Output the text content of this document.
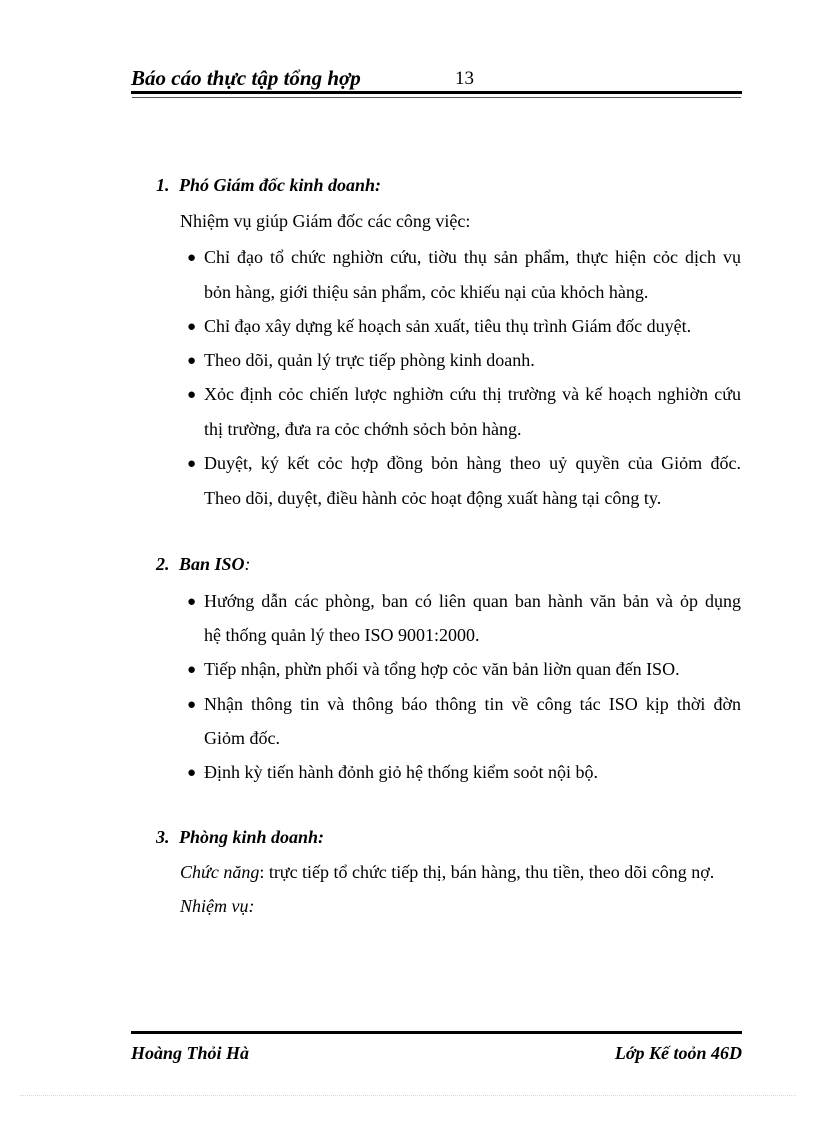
Báo cáo thực tập tổng hợp	13
1. Phó Giám đốc kinh doanh:
Nhiệm vụ giúp Giám đốc các công việc:
● Chỉ đạo tổ chức nghiờn cứu, tiờu thụ sản phẩm, thực hiện cỏc dịch vụ
bỏn hàng, giới thiệu sản phẩm, cỏc khiếu nại của khỏch hàng.
● Chỉ đạo xây dựng kế hoạch sản xuất, tiêu thụ trình Giám đốc duyệt.
● Theo dõi, quản lý trực tiếp phòng kinh doanh.
● Xỏc định cỏc chiến lược nghiờn cứu thị trường và kế hoạch nghiờn cứu
thị trường, đưa ra cỏc chớnh sỏch bỏn hàng.
● Duyệt, ký kết cỏc hợp đồng bỏn hàng theo uỷ quyền của Giỏm đốc.
Theo dõi, duyệt, điều hành cỏc hoạt động xuất hàng tại công ty.
2. Ban ISO:
● Hướng dẫn các phòng, ban có liên quan ban hành văn bản và ỏp dụng
hệ thống quản lý theo ISO 9001:2000.
● Tiếp nhận, phừn phối và tổng hợp cỏc văn bản liờn quan đến ISO.
● Nhận thông tin và thông báo thông tin về công tác ISO kịp thời đờn
Giỏm đốc.
● Định kỳ tiến hành đỏnh giỏ hệ thống kiểm soỏt nội bộ.
3. Phòng kinh doanh:
Chức năng: trực tiếp tổ chức tiếp thị, bán hàng, thu tiền, theo dõi công nợ.
Nhiệm vụ:
Hoàng Thỏi Hà	Lớp Kế toỏn 46D
